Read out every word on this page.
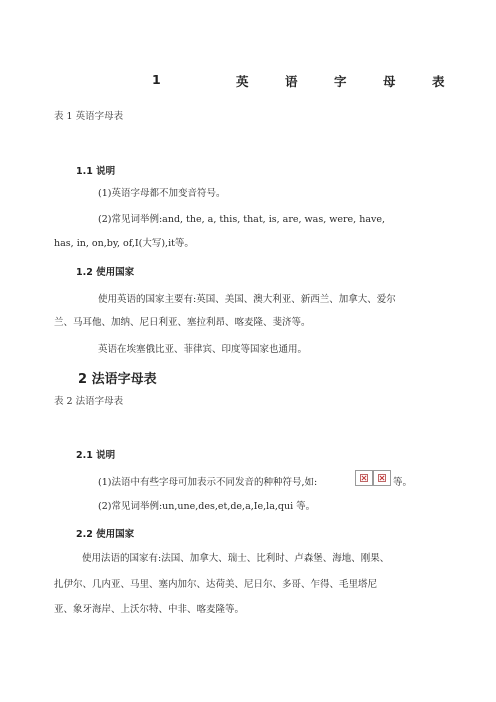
1	英	语	字	母	表
表 1 英语字母表
1.1 说明
(1)英语字母都不加变音符号。
(2)常见词举例:and, the, a, this, that, is, are, was, were, have,
has, in, on,by, of,I(大写),it等。
1.2 使用国家
使用英语的国家主要有:英国、美国、澳大利亚、新西兰、加拿大、爱尔
兰、马耳他、加纳、尼日利亚、塞拉利昂、喀麦隆、斐济等。
英语在埃塞俄比亚、菲律宾、印度等国家也通用。
2 法语字母表
表 2 法语字母表
2.1 说明
(1)法语中有些字母可加表示不同发音的种种符号,如:	等。
(2)常见词举例:un,une,des,et,de,a,Ie,la,qui 等。
2.2 使用国家
使用法语的国家有:法国、加拿大、瑞士、比利时、卢森堡、海地、刚果、
扎伊尔、几内亚、马里、塞内加尔、达荷美、尼日尔、多哥、乍得、毛里塔尼
亚、象牙海岸、上沃尔特、中非、喀麦隆等。
